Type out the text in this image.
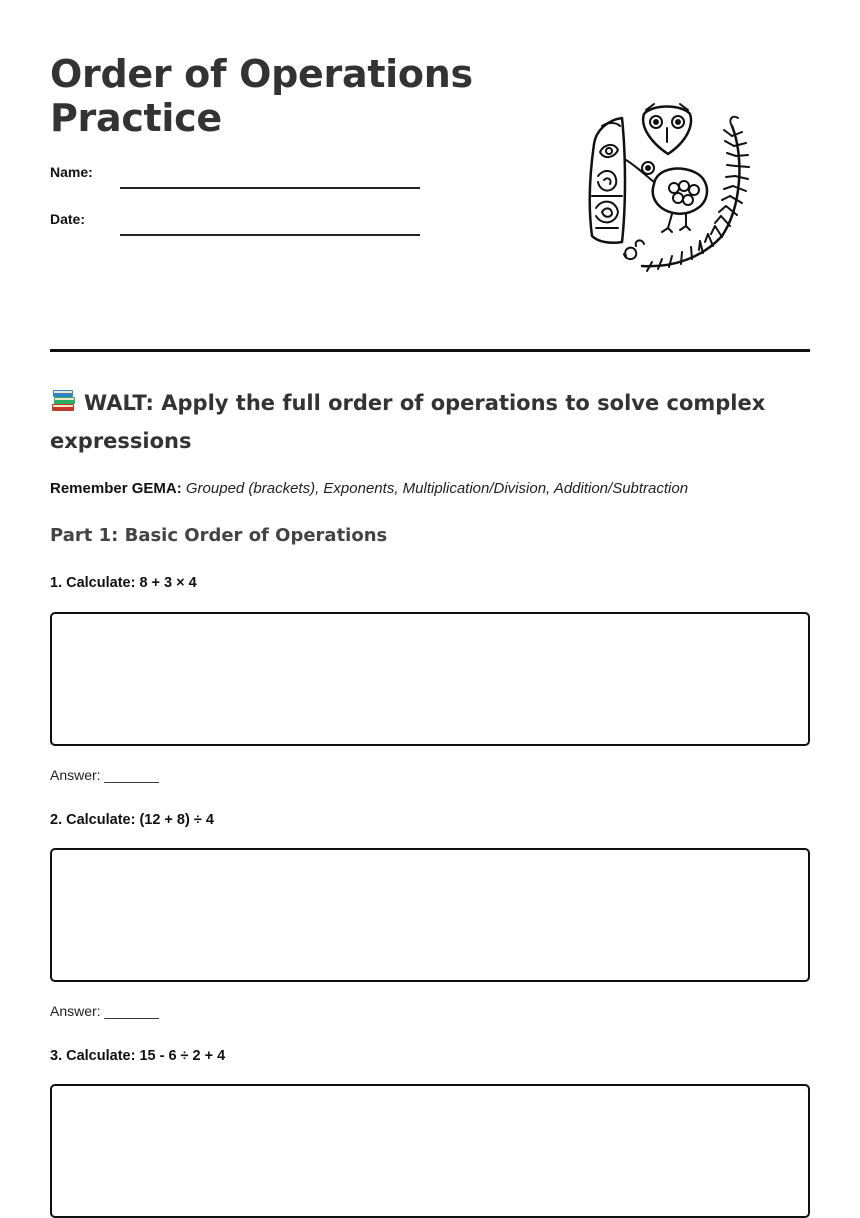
Order of Operations
Practice
Name:
Date:
WALT: Apply the full order of operations to solve complex expressions
Remember GEMA: Grouped (brackets), Exponents, Multiplication/Division, Addition/Subtraction
Part 1: Basic Order of Operations
1. Calculate: 8 + 3 × 4
Answer: _______
2. Calculate: (12 + 8) ÷ 4
Answer: _______
3. Calculate: 15 - 6 ÷ 2 + 4
